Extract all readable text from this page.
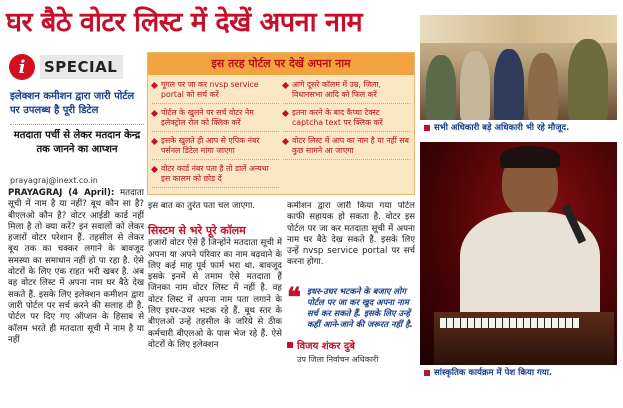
घर बैठे वोटर लिस्ट में देखें अपना नाम
i	SPECIAL
इलेक्शन कमीशन द्वारा जारी पोर्टल पर उपलब्ध है पूरी डिटेल
मतदाता पर्ची से लेकर मतदान केन्द्र तक जानने का आप्शन
prayagraj@inext.co.in
PRAYAGRAJ (4 April): मतदाता सूची में नाम है या नहीं? बूथ कौन सा है? बीएलओ कौन है? वोटर आईडी कार्ड नहीं मिला है तो क्या करें? इन सवालों को लेकर हजारों वोटर परेशान हैं. तहसील से लेकर बूथ तक का चक्कर लगाने के बावजूद समस्या का समाधान नहीं हो पा रहा है. ऐसे वोटरों के लिए एक राहत भरी खबर है. अब वह वोटर लिस्ट में अपना नाम घर बैठे देख सकते हैं. इसके लिए इलेक्शन कमीशन द्वारा जारी पोर्टल पर सर्च करने की सलाह दी है. पोर्टल पर दिए गए ऑप्शन के हिसाब से कॉलम भरते ही मतदाता सूची में नाम है या नहीं
इस बात का तुरंत पता चल जाएगा.
हजारों वोटर ऐसे हैं जिन्होंने मतदाता सूची में अपना या अपने परिवार का नाम बढ़वाने के लिए कई माह पूर्व फार्म भरा था. बावजूद इसके इनमें से तमाम ऐसे मतदाता हैं जिनका नाम वोटर लिस्ट में नहीं है. वह वोटर लिस्ट में अपना नाम पता लगाने के लिए इधर-उधर भटक रहे हैं. बूथ स्तर के बीएलओ उन्हें तहसील के जरिये से ठीक कर्मचारी बीएलओ के पास भेज रहे हैं. ऐसे वोटरों के लिए इलेक्शन
सिस्टम से भरे पूरे कॉलम
कमीशन द्वारा जारी किया गया पोर्टल काफी सहायक हो सकता है. वोटर इस पोर्टल पर जा कर मतदाता सूची में अपना नाम घर बैठे देख सकते हैं. इसके लिए उन्हें nvsp service portal पर सर्च करना होगा.
इस तरह पोर्टल पर देखें अपना नाम
गूगल पर जा कर nvsp service portal को सर्च करें
पोर्टल के खुलने पर सर्च वोटर नेम इलेक्ट्रोल रोल को क्लिक करें
इसके खुलते ही आप से एपिक नंबर पर्सनल डिटेल मांगा जाएगा
वोटर कार्ड नंबर पता है तो डालें अन्यथा इस कालम को छोड़ दें
आगे दूसरे कॉलम में उम्र, जिला, विधानसभा आदि को फिल करें
इतना करने के बाद कैप्चा टेक्स्ट captcha text पर क्लिक करें
वोटर लिस्ट में आप का नाम है या नहीं सब कुछ सामने आ जाएगा
❝ इधर-उधर भटकने के बजाए लोग पोर्टल पर जा कर खुद अपना नाम सर्च कर सकते हैं. इसके लिए उन्हें कहीं आने-जाने की जरूरत नहीं है.
विजय शंकर दुबे
उप जिला निर्वाचन अधिकारी
सभी अधिकारी बड़े अधिकारी भी रहे मौजूद.
सांस्कृतिक कार्यक्रम में पेश किया गया.
